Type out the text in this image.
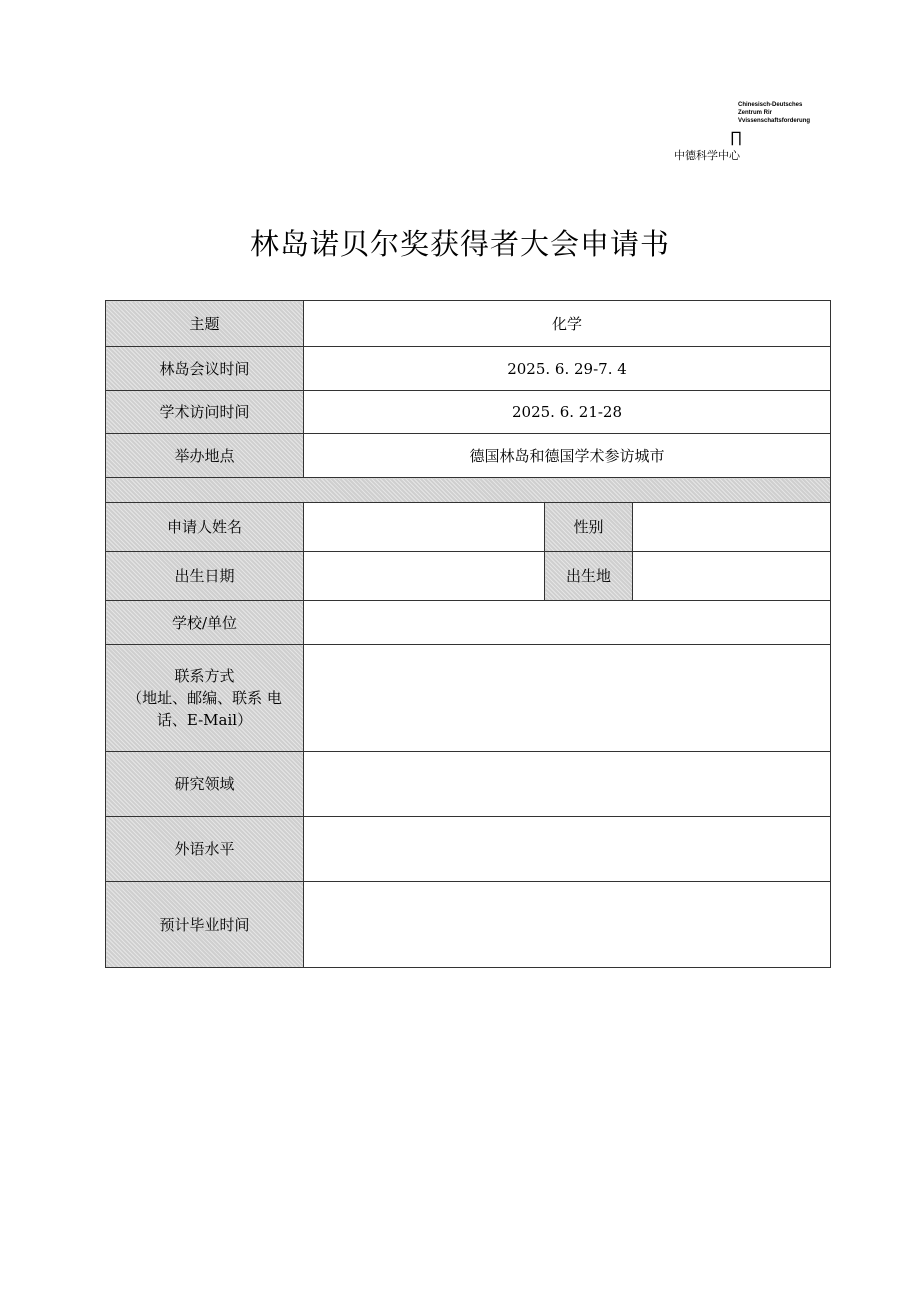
Chinesisch-Deutsches
Zentrum Rir
Vvissenschaftsforderung
∏
中德科学中心
林岛诺贝尔奖获得者大会申请书
主题	化学		
林岛会议时间	2025. 6. 29-7. 4		
学术访问时间	2025. 6. 21-28		
举办地点	德国林岛和德国学术参访城市		

申请人姓名		性别	
出生日期		出生地	
学校/单位			
联系方式
（地址、邮编、联系 电
话、E-Mail）			
研究领域			
外语水平			
预计毕业时间			
